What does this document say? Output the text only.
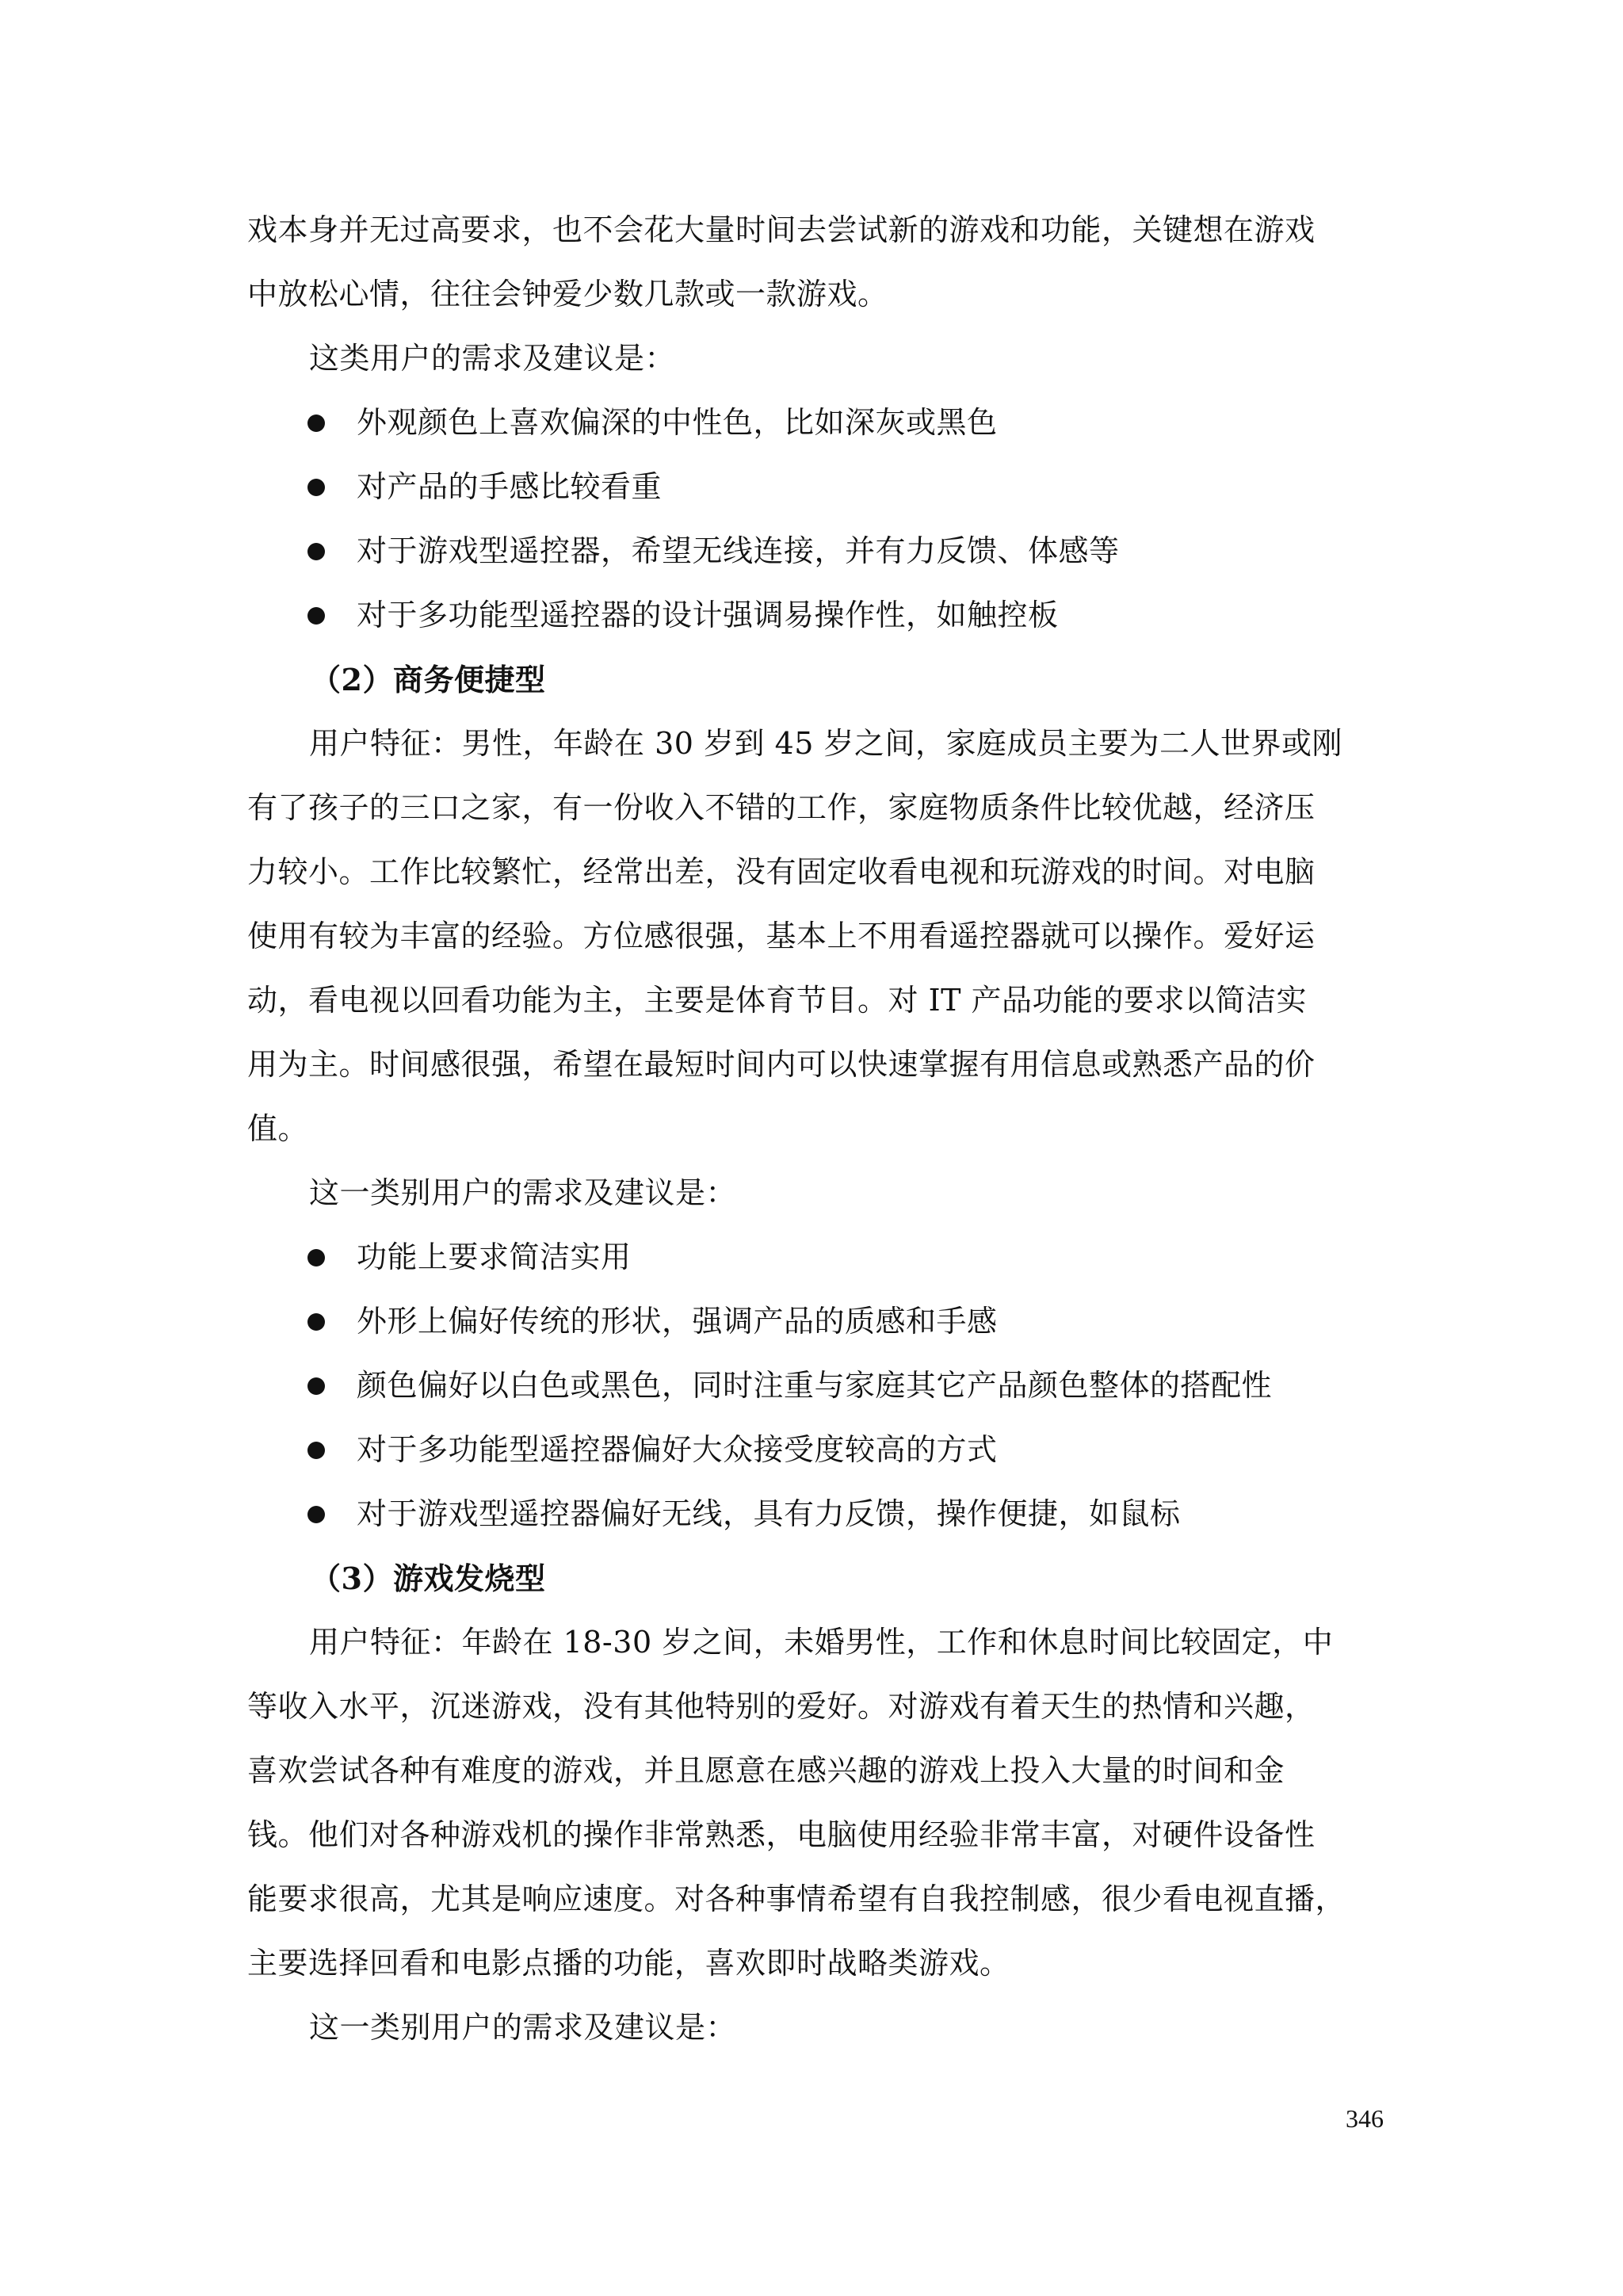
戏本身并无过高要求，也不会花大量时间去尝试新的游戏和功能，关键想在游戏
中放松心情，往往会钟爱少数几款或一款游戏。
这类用户的需求及建议是：
外观颜色上喜欢偏深的中性色，比如深灰或黑色
对产品的手感比较看重
对于游戏型遥控器，希望无线连接，并有力反馈、体感等
对于多功能型遥控器的设计强调易操作性，如触控板
（2）商务便捷型
用户特征：男性，年龄在 30 岁到 45 岁之间，家庭成员主要为二人世界或刚
有了孩子的三口之家，有一份收入不错的工作，家庭物质条件比较优越，经济压
力较小。工作比较繁忙，经常出差，没有固定收看电视和玩游戏的时间。对电脑
使用有较为丰富的经验。方位感很强，基本上不用看遥控器就可以操作。爱好运
动，看电视以回看功能为主，主要是体育节目。对 IT 产品功能的要求以简洁实
用为主。时间感很强，希望在最短时间内可以快速掌握有用信息或熟悉产品的价
值。
这一类别用户的需求及建议是：
功能上要求简洁实用
外形上偏好传统的形状，强调产品的质感和手感
颜色偏好以白色或黑色，同时注重与家庭其它产品颜色整体的搭配性
对于多功能型遥控器偏好大众接受度较高的方式
对于游戏型遥控器偏好无线，具有力反馈，操作便捷，如鼠标
（3）游戏发烧型
用户特征：年龄在 18-30 岁之间，未婚男性，工作和休息时间比较固定，中
等收入水平，沉迷游戏，没有其他特别的爱好。对游戏有着天生的热情和兴趣，
喜欢尝试各种有难度的游戏，并且愿意在感兴趣的游戏上投入大量的时间和金
钱。他们对各种游戏机的操作非常熟悉，电脑使用经验非常丰富，对硬件设备性
能要求很高，尤其是响应速度。对各种事情希望有自我控制感，很少看电视直播，
主要选择回看和电影点播的功能，喜欢即时战略类游戏。
这一类别用户的需求及建议是：
346
